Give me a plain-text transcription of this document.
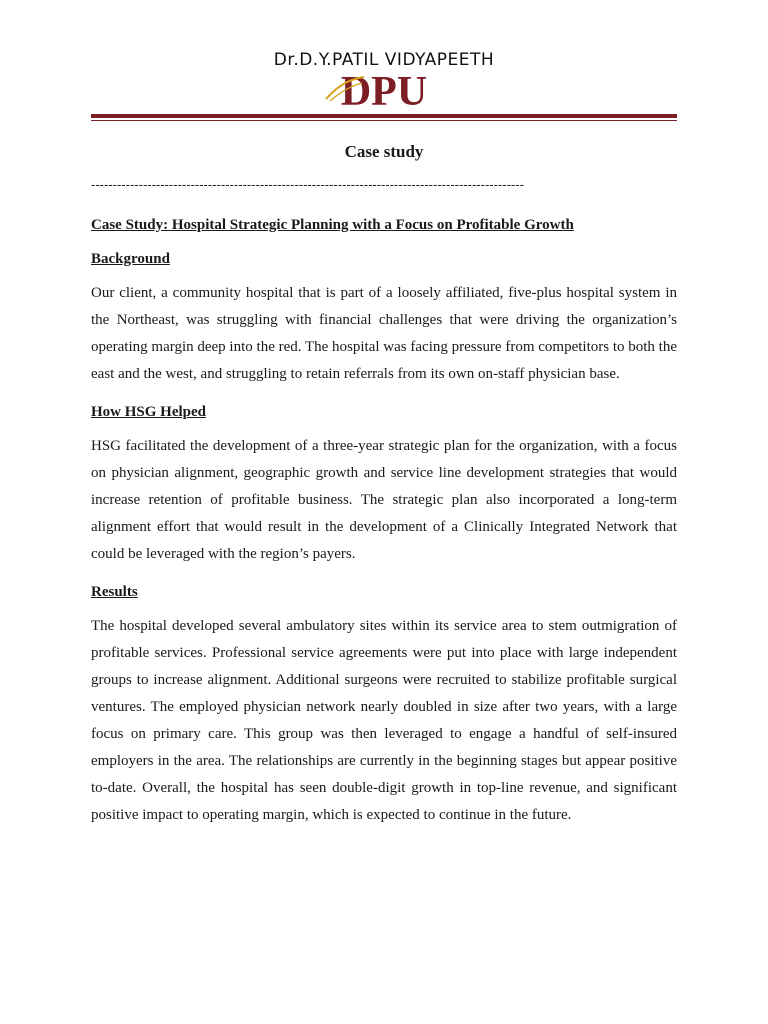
Dr.D.Y.PATIL VIDYAPEETH
DPU
Case study
----------------------------------------------------------------------------------------------------
Case Study: Hospital Strategic Planning with a Focus on Profitable Growth
Background

Our client, a community hospital that is part of a loosely affiliated, five-plus hospital system in the Northeast, was struggling with financial challenges that were driving the organization’s operating margin deep into the red. The hospital was facing pressure from competitors to both the east and the west, and struggling to retain referrals from its own on-staff physician base.

How HSG Helped

HSG facilitated the development of a three-year strategic plan for the organization, with a focus on physician alignment, geographic growth and service line development strategies that would increase retention of profitable business. The strategic plan also incorporated a long-term alignment effort that would result in the development of a Clinically Integrated Network that could be leveraged with the region’s payers.

Results

The hospital developed several ambulatory sites within its service area to stem outmigration of profitable services. Professional service agreements were put into place with large independent groups to increase alignment. Additional surgeons were recruited to stabilize profitable surgical ventures. The employed physician network nearly doubled in size after two years, with a large focus on primary care. This group was then leveraged to engage a handful of self-insured employers in the area. The relationships are currently in the beginning stages but appear positive to-date. Overall, the hospital has seen double-digit growth in top-line revenue, and significant positive impact to operating margin, which is expected to continue in the future.
